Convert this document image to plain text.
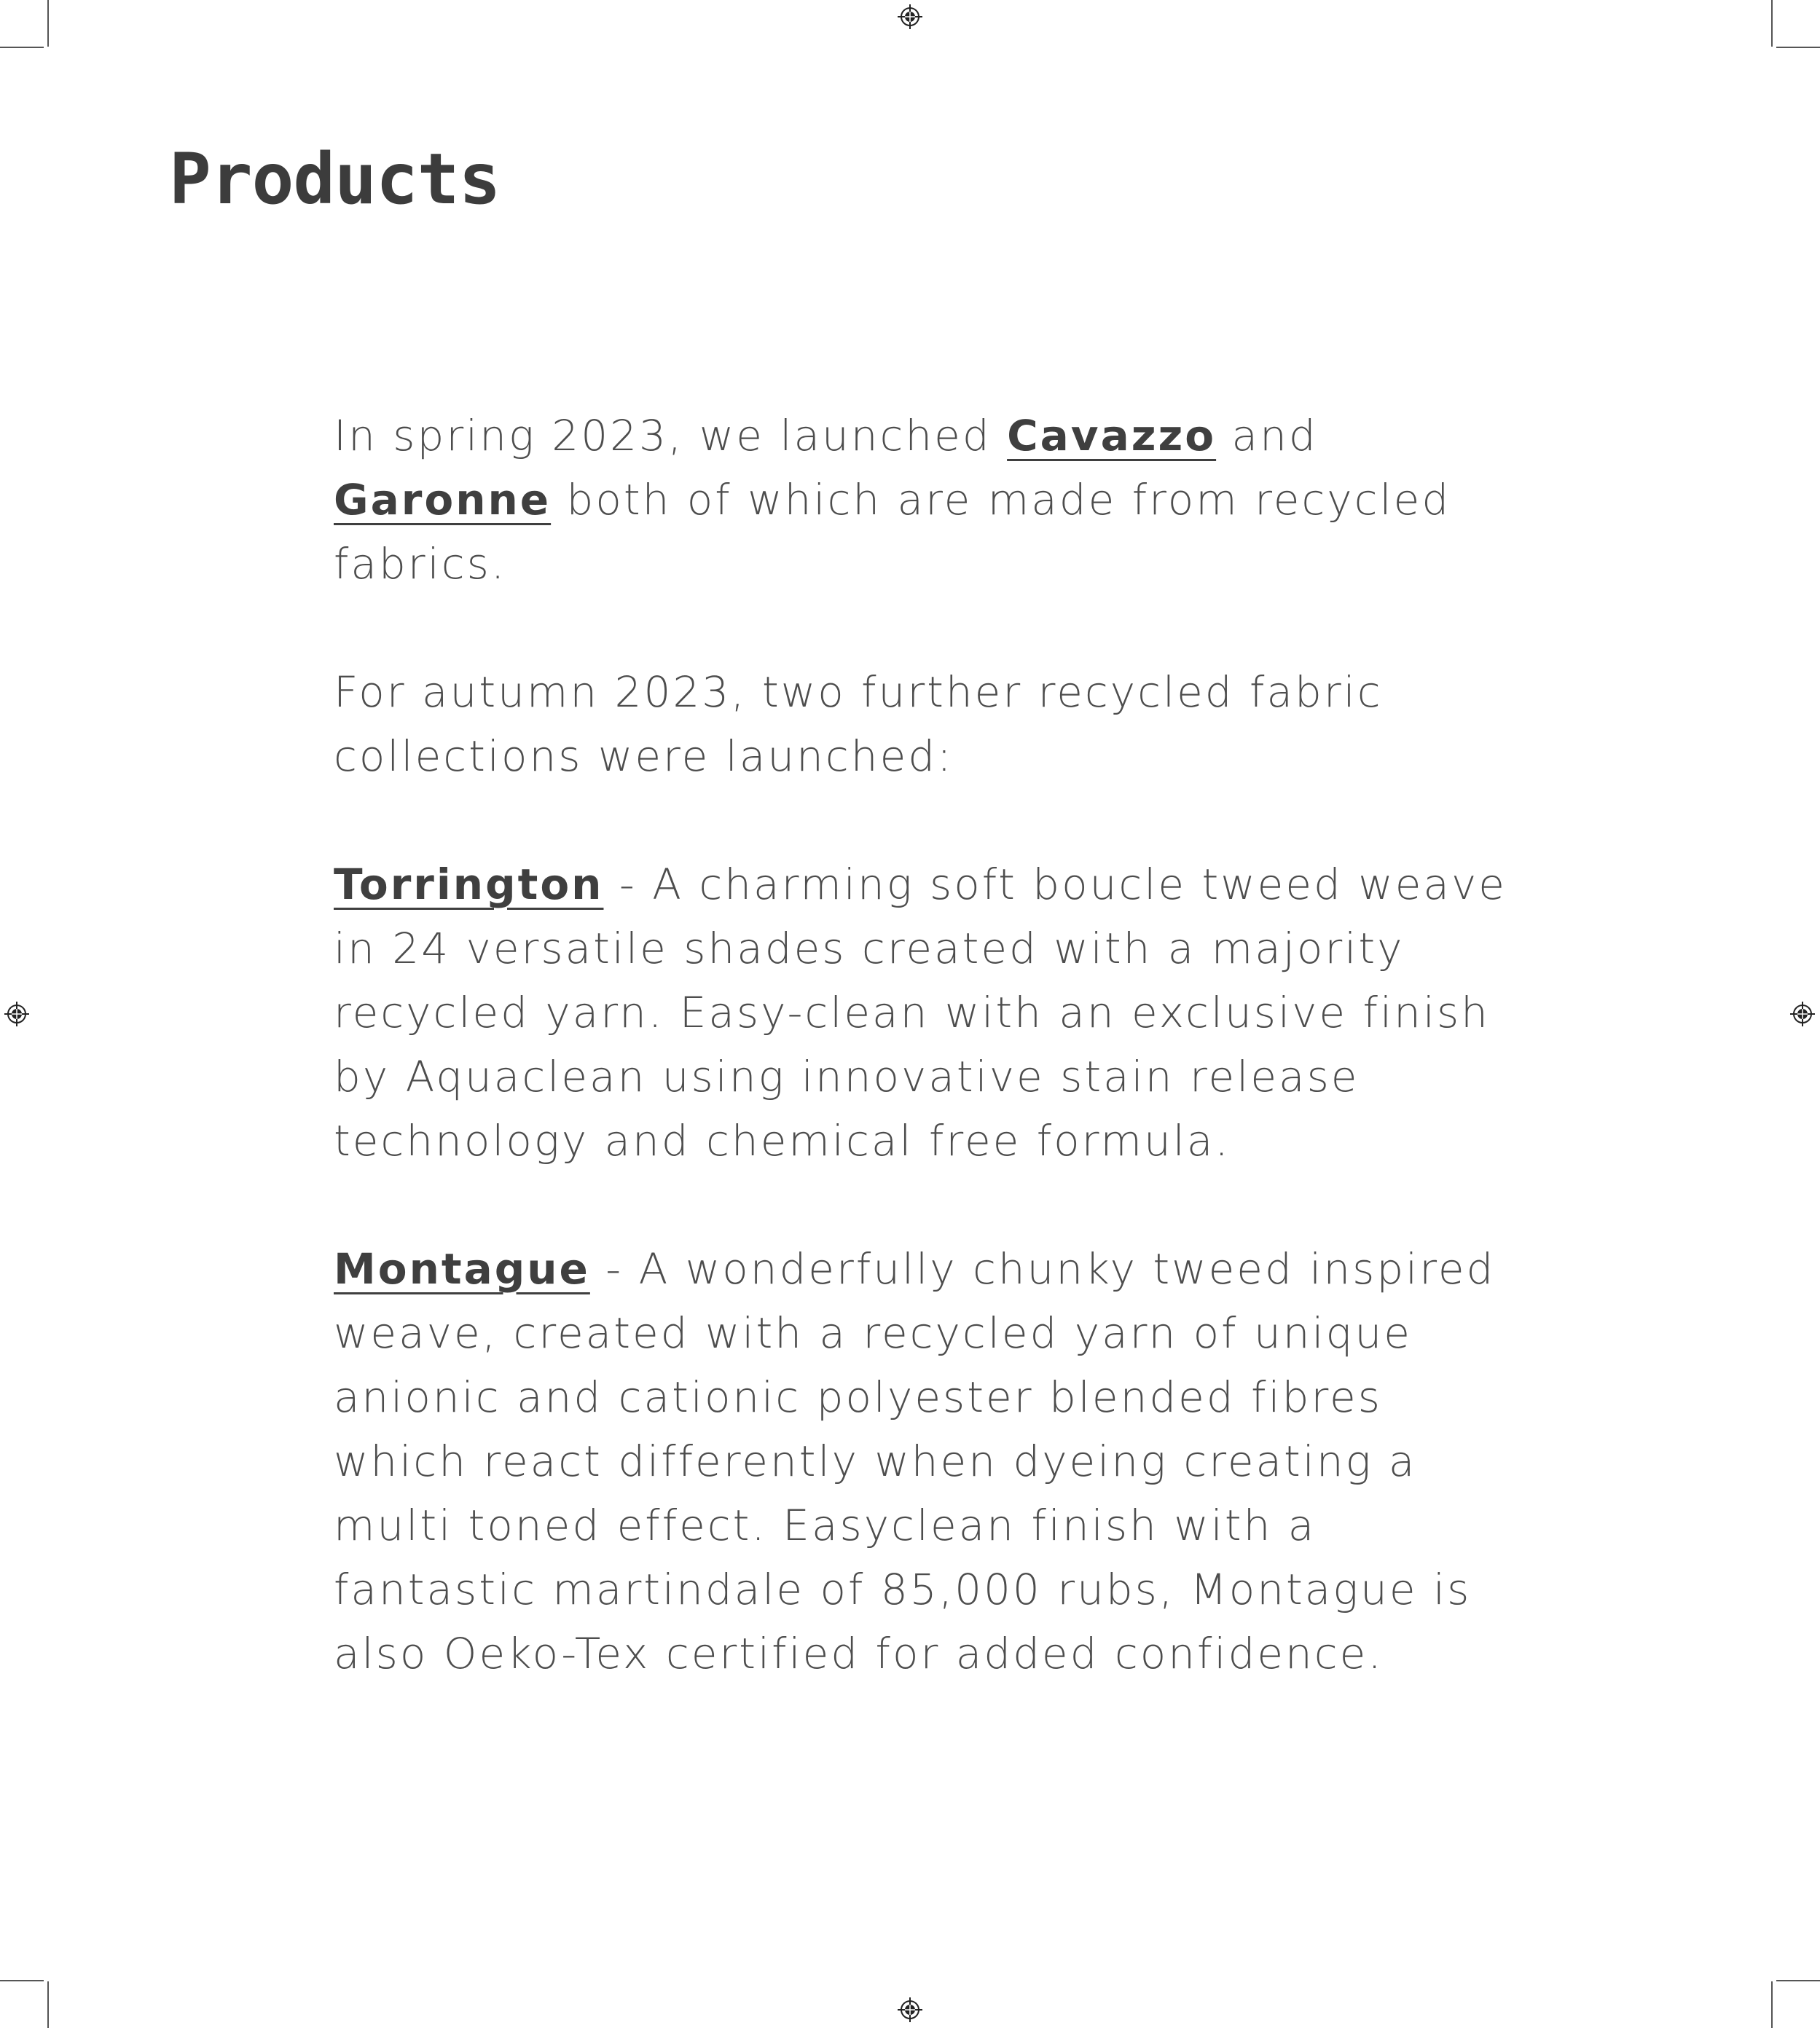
Products

In spring 2023, we launched Cavazzo and Garonne both of which are made from recycled fabrics.

For autumn 2023, two further recycled fabric collections were launched:

Torrington - A charming soft boucle tweed weave in 24 versatile shades created with a majority recycled yarn. Easy-clean with an exclusive finish by Aquaclean using innovative stain release technology and chemical free formula.

Montague - A wonderfully chunky tweed inspired weave, created with a recycled yarn of unique anionic and cationic polyester blended fibres which react differently when dyeing creating a multi toned effect. Easyclean finish with a fantastic martindale of 85,000 rubs, Montague is also Oeko-Tex certified for added confidence.
